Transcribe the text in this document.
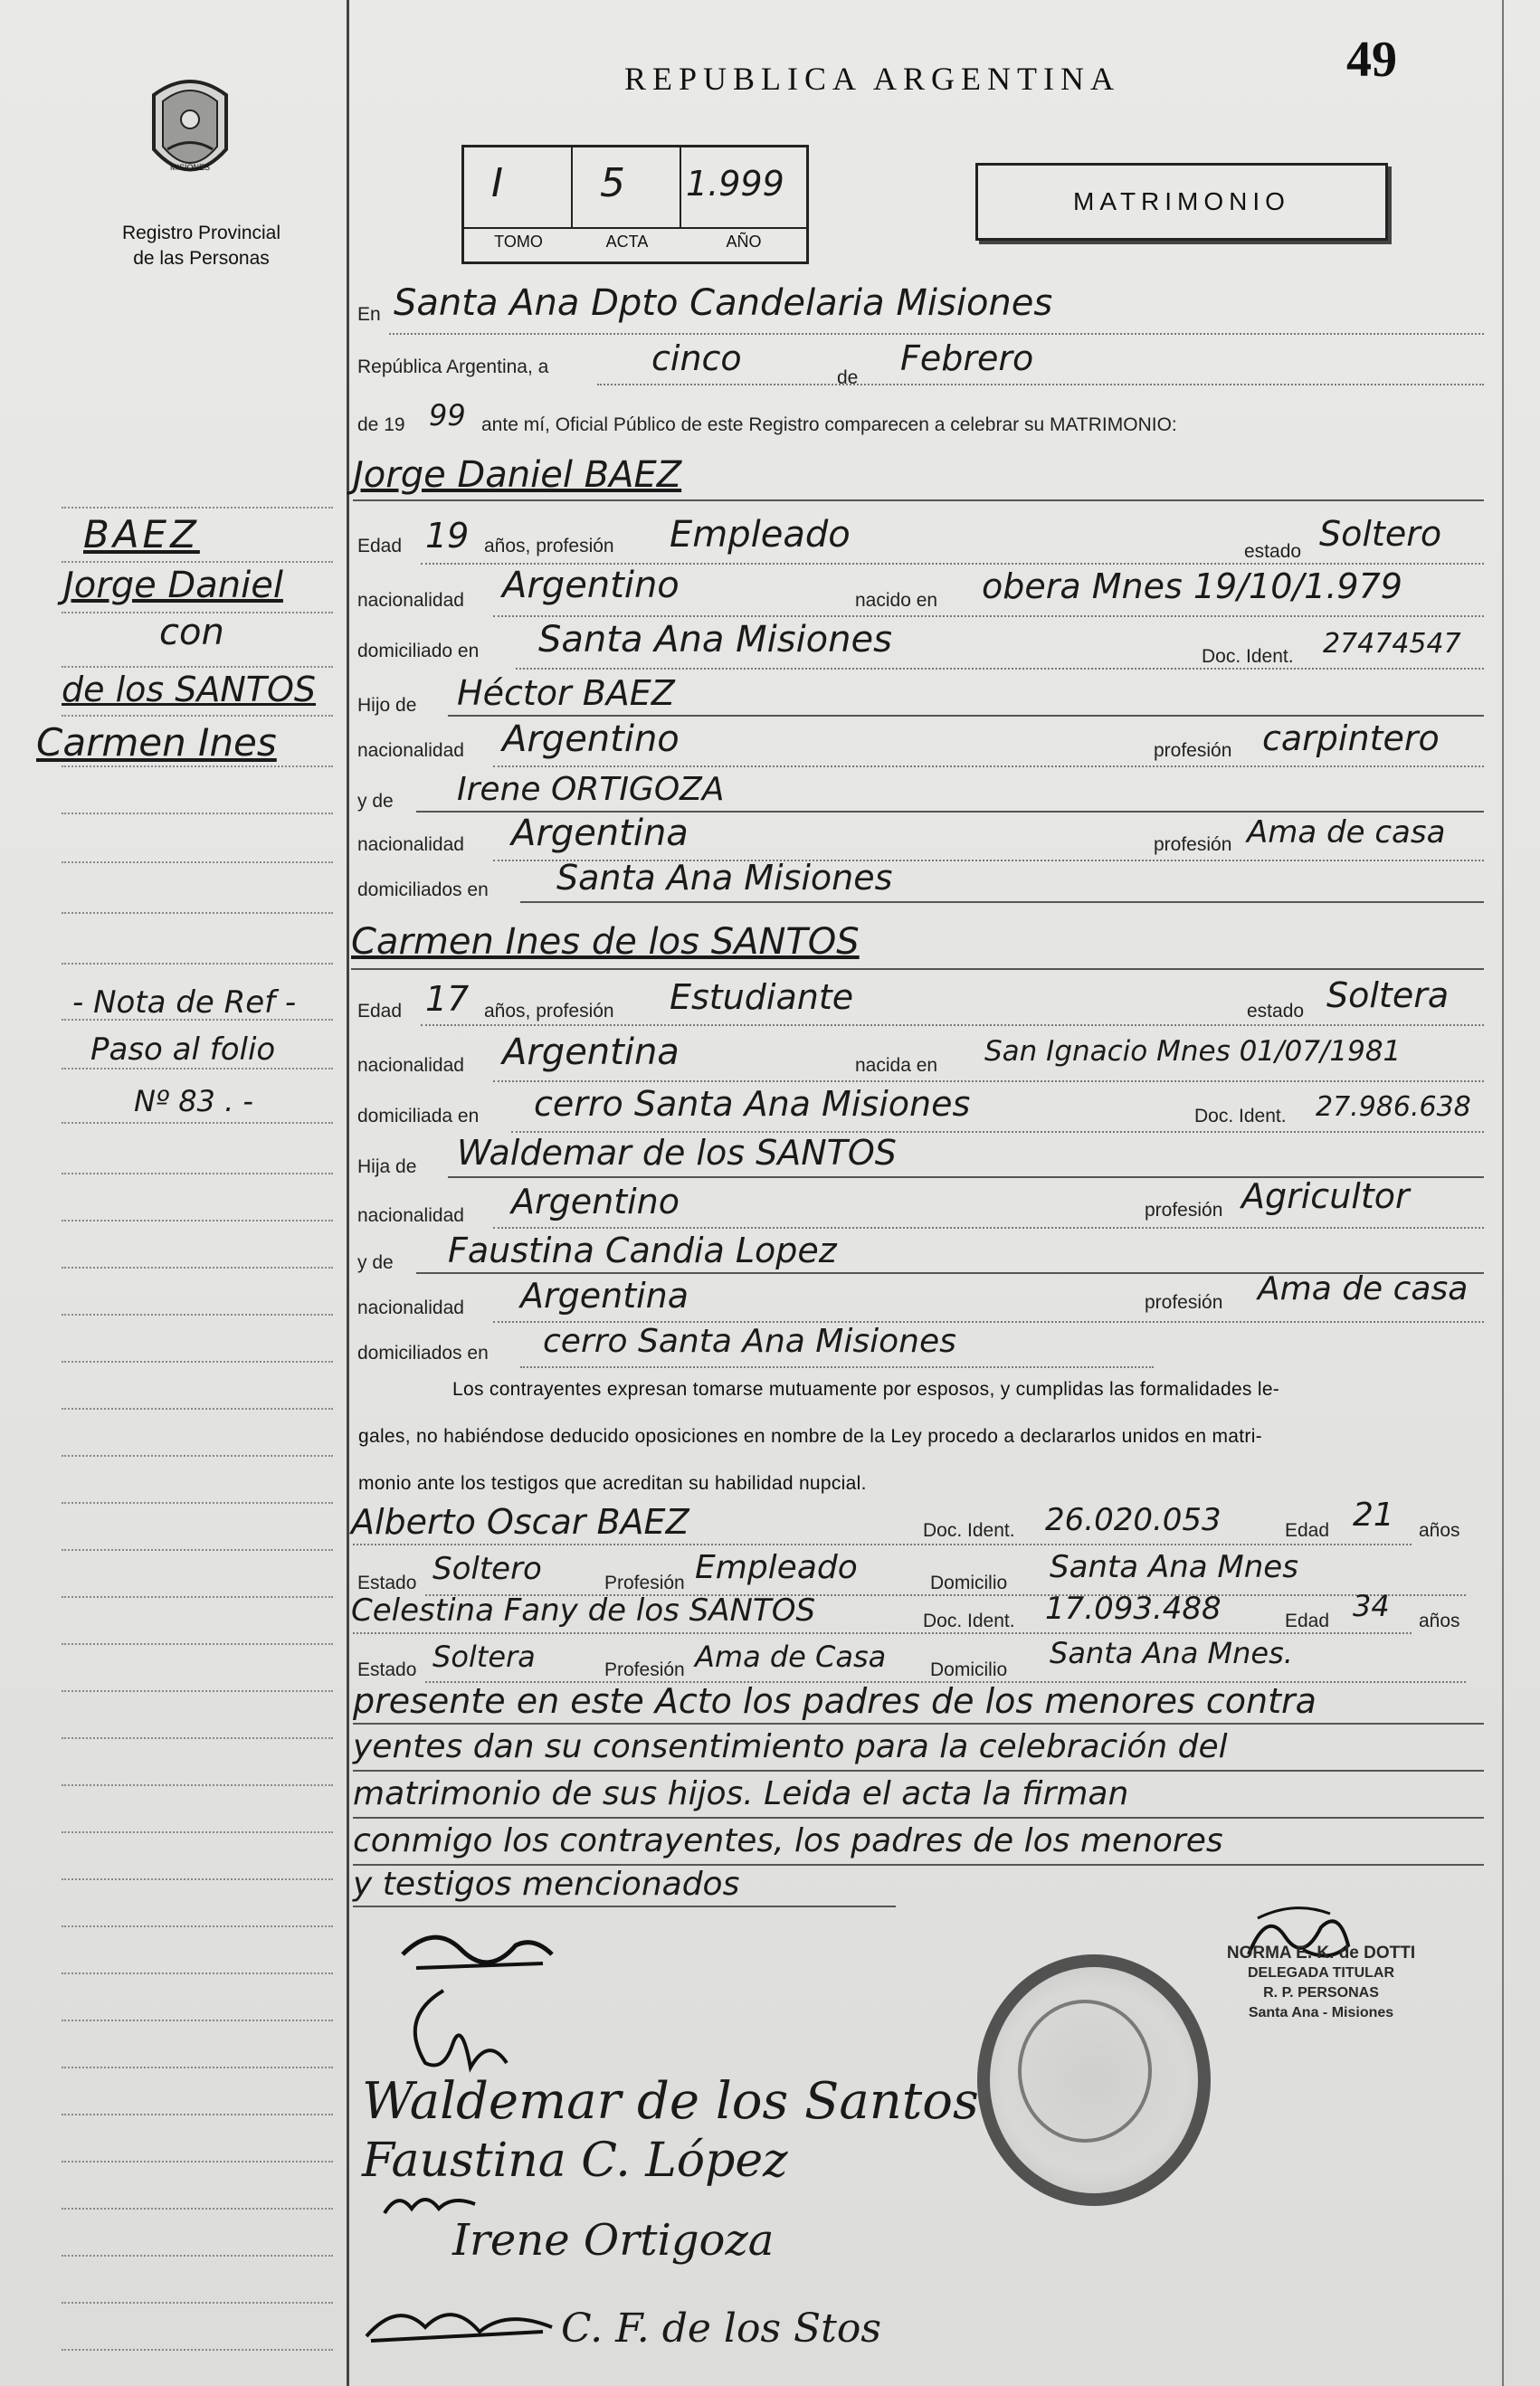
MISIONES
Registro Provincial
de las Personas
REPUBLICA ARGENTINA	49
I 5 1.999
TOMO	ACTA	AÑO
MATRIMONIO
En Santa Ana Dpto Candelaria Misiones
República Argentina, a	cinco	de Febrero
de 19 99 ante mí, Oficial Público de este Registro comparecen a celebrar su MATRIMONIO:
Jorge Daniel BAEZ
Edad 19 años, profesión Empleado	estado Soltero
nacionalidad Argentino	nacido en obera Mnes 19/10/1.979
domiciliado en Santa Ana Misiones	Doc. Ident. 27474547
Hijo de Héctor BAEZ
nacionalidad Argentino	profesión carpintero
y de Irene ORTIGOZA
nacionalidad Argentina	profesión Ama de casa
domiciliados en Santa Ana Misiones
Carmen Ines de los SANTOS
Edad 17 años, profesión Estudiante	estado Soltera
nacionalidad Argentina	nacida en San Ignacio Mnes 01/07/1981
domiciliada en cerro Santa Ana Misiones	Doc. Ident. 27.986.638
Hija de Waldemar de los SANTOS
nacionalidad Argentino	profesión Agricultor
y de Faustina Candia Lopez
nacionalidad Argentina	profesión Ama de casa
domiciliados en cerro Santa Ana Misiones
Los contrayentes expresan tomarse mutuamente por esposos, y cumplidas las formalidades le-
gales, no habiéndose deducido oposiciones en nombre de la Ley procedo a declararlos unidos en matri-
monio ante los testigos que acreditan su habilidad nupcial.
Alberto Oscar BAEZ	Doc. Ident. 26.020.053	Edad 21 años
Estado Soltero	Profesión Empleado	Domicilio Santa Ana Mnes
Celestina Fany de los SANTOS	Doc. Ident. 17.093.488	Edad 34 años
Estado Soltera	Profesión Ama de Casa Domicilio Santa Ana Mnes.
presente en este Acto los padres de los menores contra
yentes dan su consentimiento para la celebración del
matrimonio de sus hijos. Leida el acta la firman
conmigo los contrayentes, los padres de los menores
y testigos mencionados
NORMA E. K. de DOTTI
DELEGADA TITULAR
R. P. PERSONAS
Santa Ana - Misiones
Waldemar de los Santos
Faustina C. López
Irene Ortigoza
C. F. de los Stos
BAEZ
Jorge Daniel
con
de los SANTOS
Carmen Ines
- Nota de Ref -
Paso al folio
Nº 83 . -
